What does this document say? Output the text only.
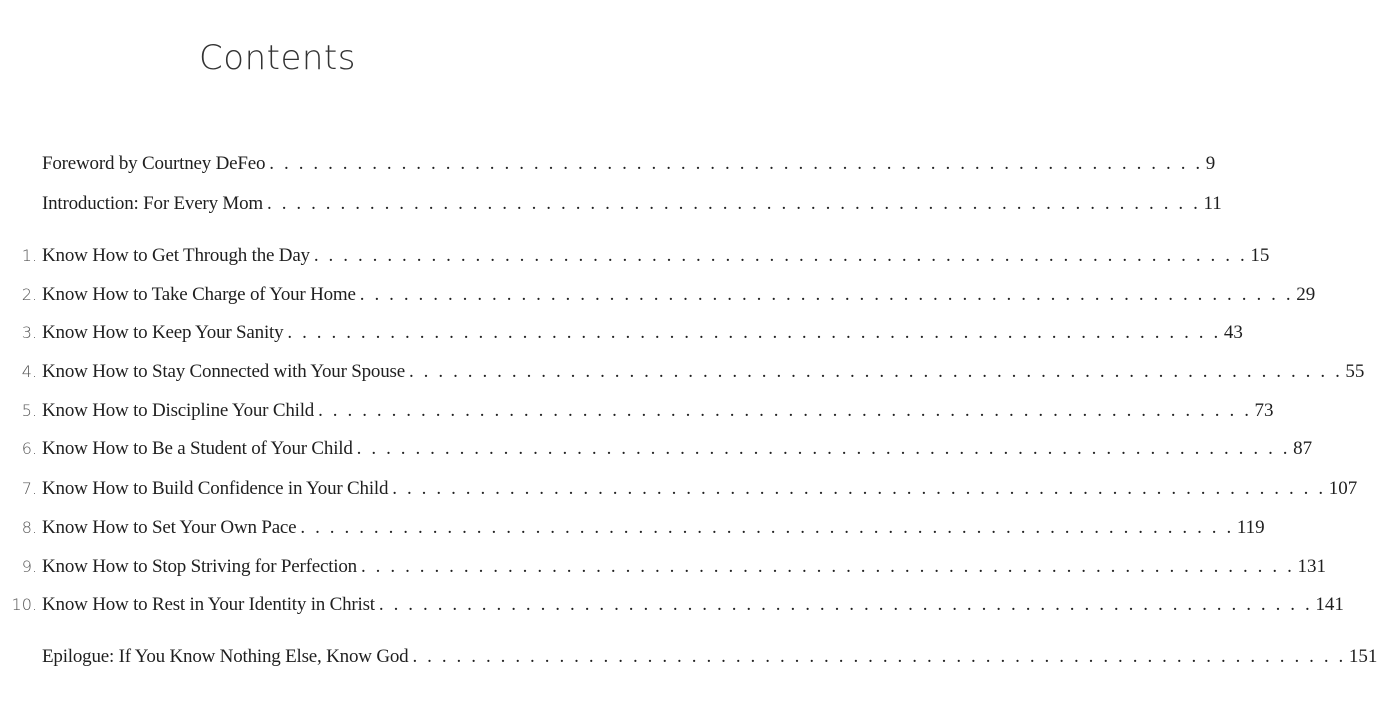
Contents
Foreword by Courtney DeFeo . . . . . . . . . . . . . . . . . . . . . . . . . . . . . . . . . . . . . . . . . . . . . . . . . . . . . . . . . . . . . . . . 9
Introduction: For Every Mom . . . . . . . . . . . . . . . . . . . . . . . . . . . . . . . . . . . . . . . . . . . . . . . . . . . . . . . . . . . . . . . . 11
1. Know How to Get Through the Day . . . . . . . . . . . . . . . . . . . . . . . . . . . . . . . . . . . . . . . . . . . . . . . . . . . . . . . . . . . . . . . . 15
2. Know How to Take Charge of Your Home . . . . . . . . . . . . . . . . . . . . . . . . . . . . . . . . . . . . . . . . . . . . . . . . . . . . . . . . . . . . . . . . 29
3. Know How to Keep Your Sanity . . . . . . . . . . . . . . . . . . . . . . . . . . . . . . . . . . . . . . . . . . . . . . . . . . . . . . . . . . . . . . . . 43
4. Know How to Stay Connected with Your Spouse . . . . . . . . . . . . . . . . . . . . . . . . . . . . . . . . . . . . . . . . . . . . . . . . . . . . . . . . . . . . . . . . 55
5. Know How to Discipline Your Child . . . . . . . . . . . . . . . . . . . . . . . . . . . . . . . . . . . . . . . . . . . . . . . . . . . . . . . . . . . . . . . . 73
6. Know How to Be a Student of Your Child . . . . . . . . . . . . . . . . . . . . . . . . . . . . . . . . . . . . . . . . . . . . . . . . . . . . . . . . . . . . . . . . 87
7. Know How to Build Confidence in Your Child . . . . . . . . . . . . . . . . . . . . . . . . . . . . . . . . . . . . . . . . . . . . . . . . . . . . . . . . . . . . . . . . 107
8. Know How to Set Your Own Pace . . . . . . . . . . . . . . . . . . . . . . . . . . . . . . . . . . . . . . . . . . . . . . . . . . . . . . . . . . . . . . . . 119
9. Know How to Stop Striving for Perfection . . . . . . . . . . . . . . . . . . . . . . . . . . . . . . . . . . . . . . . . . . . . . . . . . . . . . . . . . . . . . . . . 131
10. Know How to Rest in Your Identity in Christ . . . . . . . . . . . . . . . . . . . . . . . . . . . . . . . . . . . . . . . . . . . . . . . . . . . . . . . . . . . . . . . . 141
Epilogue: If You Know Nothing Else, Know God . . . . . . . . . . . . . . . . . . . . . . . . . . . . . . . . . . . . . . . . . . . . . . . . . . . . . . . . . . . . . . . . 151
